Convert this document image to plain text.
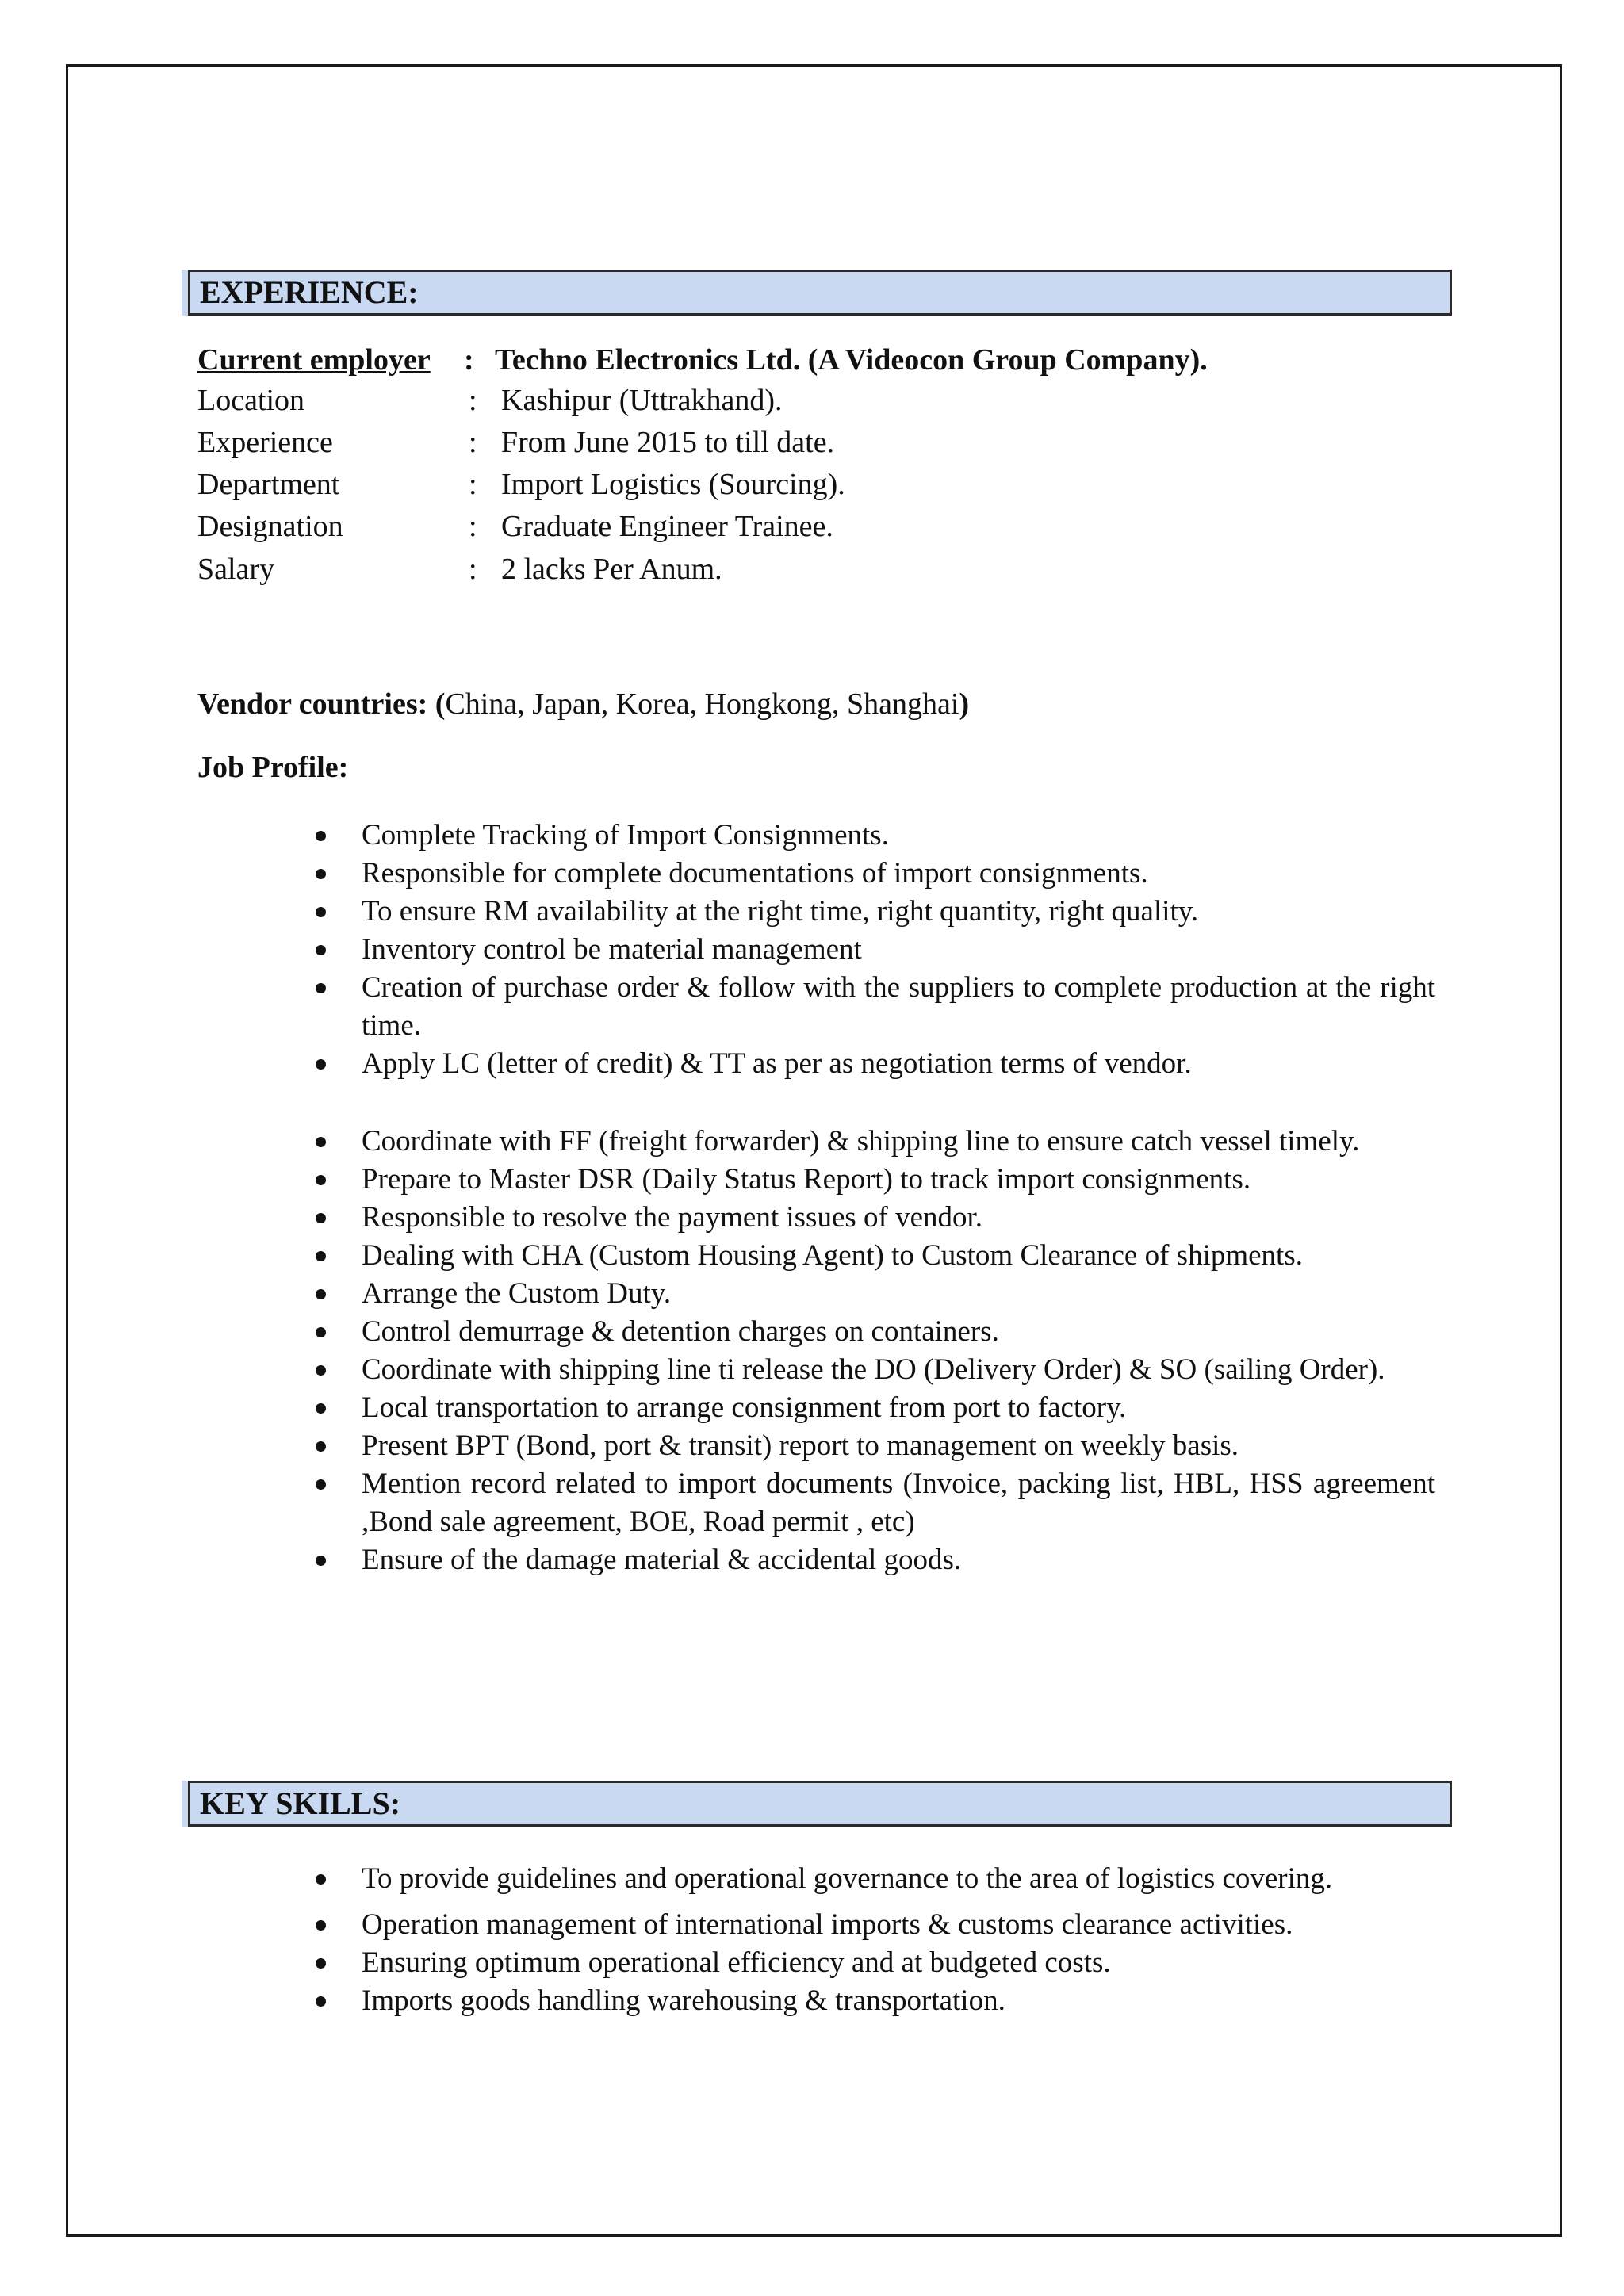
EXPERIENCE:
Current employer : Techno Electronics Ltd. (A Videocon Group Company).
Location	: Kashipur (Uttrakhand).
Experience	: From June 2015 to till date.
Department	: Import Logistics (Sourcing).
Designation	: Graduate Engineer Trainee.
Salary	: 2 lacks Per Anum.
Vendor countries: (China, Japan, Korea, Hongkong, Shanghai)
Job Profile:
Complete Tracking of Import Consignments.
Responsible for complete documentations of import consignments.
To ensure RM availability at the right time, right quantity, right quality.
Inventory control be material management
Creation of purchase order & follow with the suppliers to complete production at the right time.
Apply LC (letter of credit) & TT as per as negotiation terms of vendor.
Coordinate with FF (freight forwarder) & shipping line to ensure catch vessel timely.
Prepare to Master DSR (Daily Status Report) to track import consignments.
Responsible to resolve the payment issues of vendor.
Dealing with CHA (Custom Housing Agent) to Custom Clearance of shipments.
Arrange the Custom Duty.
Control demurrage & detention charges on containers.
Coordinate with shipping line ti release the DO (Delivery Order) & SO (sailing Order).
Local transportation to arrange consignment from port to factory.
Present BPT (Bond, port & transit) report to management on weekly basis.
Mention record related to import documents (Invoice, packing list, HBL, HSS agreement ,Bond sale agreement, BOE, Road permit , etc)
Ensure of the damage material & accidental goods.
KEY SKILLS:
To provide guidelines and operational governance to the area of logistics covering.
Operation management of international imports & customs clearance activities.
Ensuring optimum operational efficiency and at budgeted costs.
Imports goods handling warehousing & transportation.
